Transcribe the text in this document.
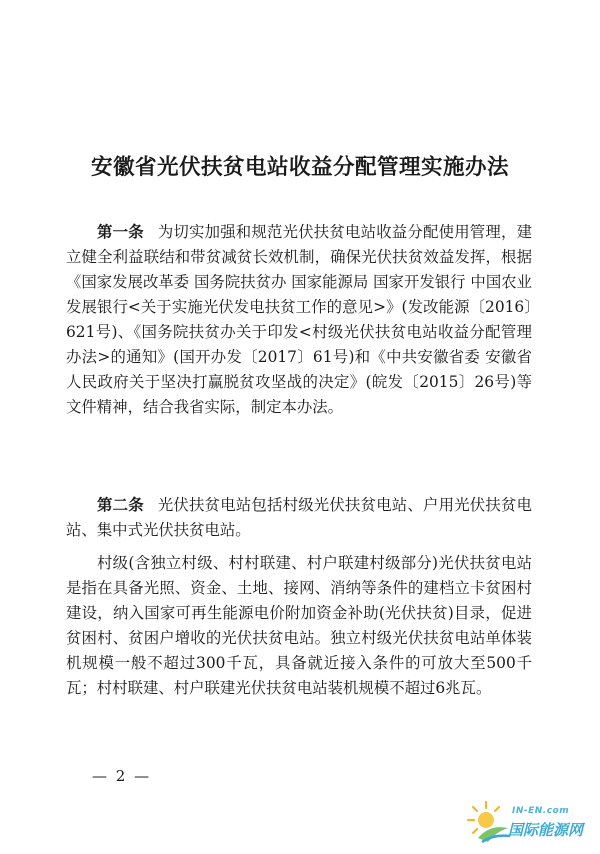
安徽省光伏扶贫电站收益分配管理实施办法

第一条 为切实加强和规范光伏扶贫电站收益分配使用管理，建立健全利益联结和带贫减贫长效机制，确保光伏扶贫效益发挥，根据《国家发展改革委 国务院扶贫办 国家能源局 国家开发银行 中国农业发展银行<关于实施光伏发电扶贫工作的意见>》(发改能源〔2016〕621号)、《国务院扶贫办关于印发<村级光伏扶贫电站收益分配管理办法>的通知》(国开办发〔2017〕61号)和《中共安徽省委 安徽省人民政府关于坚决打赢脱贫攻坚战的决定》(皖发〔2015〕26号)等文件精神，结合我省实际，制定本办法。

第二条 光伏扶贫电站包括村级光伏扶贫电站、户用光伏扶贫电站、集中式光伏扶贫电站。

村级(含独立村级、村村联建、村户联建村级部分)光伏扶贫电站是指在具备光照、资金、土地、接网、消纳等条件的建档立卡贫困村建设，纳入国家可再生能源电价附加资金补助(光伏扶贫)目录，促进贫困村、贫困户增收的光伏扶贫电站。独立村级光伏扶贫电站单体装机规模一般不超过300千瓦，具备就近接入条件的可放大至500千瓦；村村联建、村户联建光伏扶贫电站装机规模不超过6兆瓦。

— 2 —
IN-EN.com
国际能源网
